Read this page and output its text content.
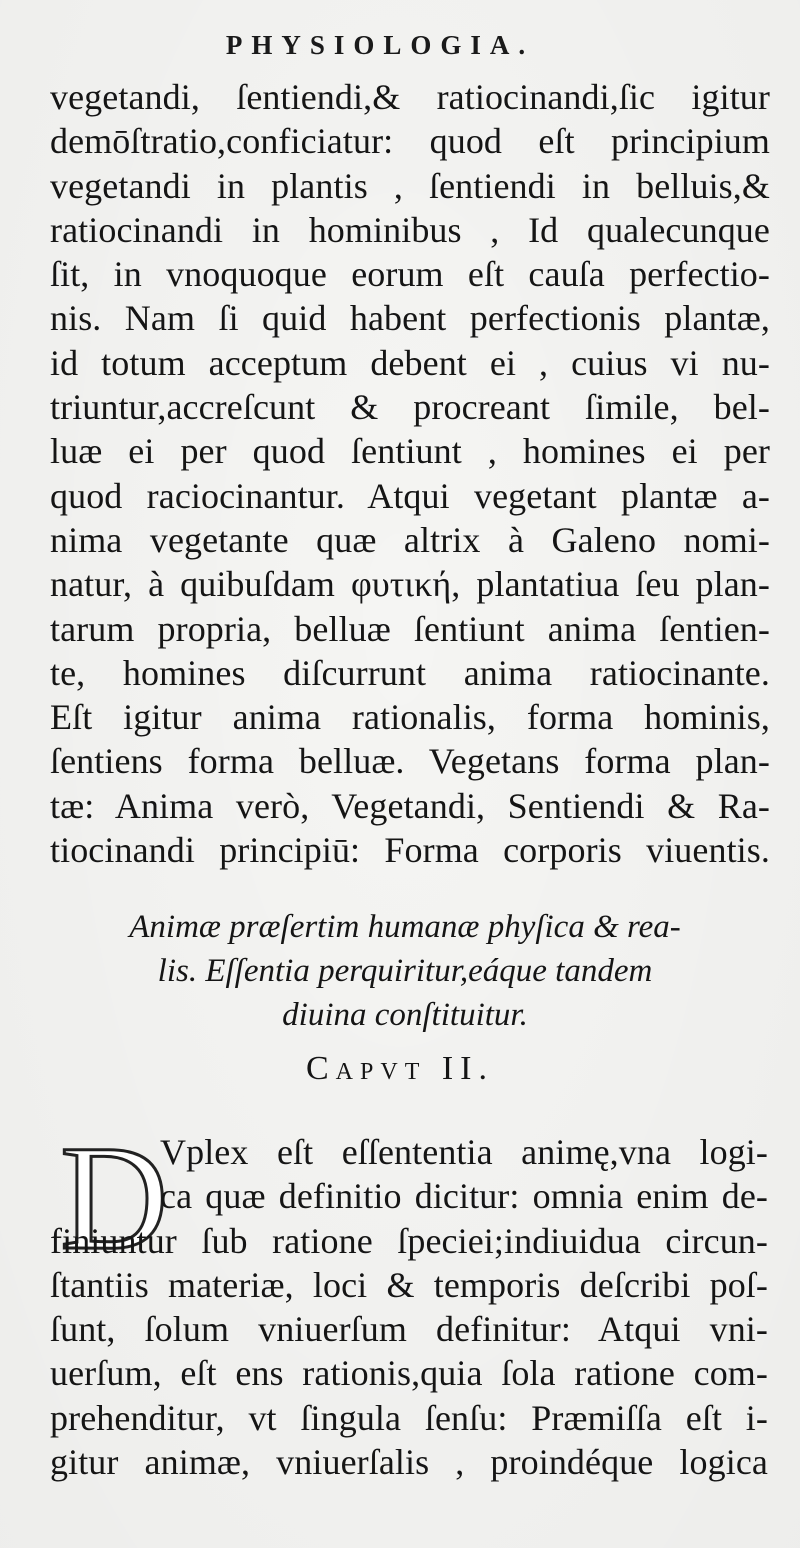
PHYSIOLOGIA.
vegetandi, ſentiendi,& ratiocinandi,ſic igitur
demōſtratio,conficiatur: quod eſt principium
vegetandi in plantis , ſentiendi in belluis,&
ratiocinandi in hominibus , Id qualecunque
ſit, in vnoquoque eorum eſt cauſa perfectio-
nis. Nam ſi quid habent perfectionis plantæ,
id totum acceptum debent ei , cuius vi nu-
triuntur,accreſcunt & procreant ſimile, bel-
luæ ei per quod ſentiunt , homines ei per
quod raciocinantur. Atqui vegetant plantæ a-
nima vegetante quæ altrix à Galeno nomi-
natur, à quibuſdam φυτική, plantatiua ſeu plan-
tarum propria, belluæ ſentiunt anima ſentien-
te, homines diſcurrunt anima ratiocinante.
Eſt igitur anima rationalis, forma hominis,
ſentiens forma belluæ. Vegetans forma plan-
tæ: Anima verò, Vegetandi, Sentiendi & Ra-
tiocinandi principiū: Forma corporis viuentis.
Animæ præſertim humanæ phyſica & rea-
lis. Eſſentia perquiritur,eáque tandem
diuina conſtituitur.
Capvt II.
D
Vplex eſt eſſententia animę,vna logi-
ca quæ definitio dicitur: omnia enim de-
finiuntur ſub ratione ſpeciei;indiuidua circun-
ſtantiis materiæ, loci & temporis deſcribi poſ-
ſunt, ſolum vniuerſum definitur: Atqui vni-
uerſum, eſt ens rationis,quia ſola ratione com-
prehenditur, vt ſingula ſenſu: Præmiſſa eſt i-
gitur animæ, vniuerſalis , proindéque logica
